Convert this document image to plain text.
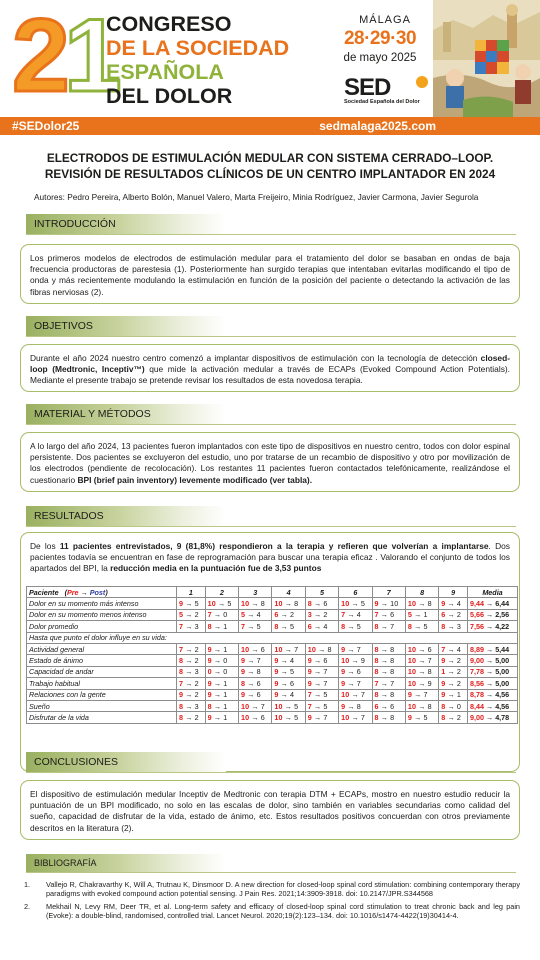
21
CONGRESO
DE LA SOCIEDAD
ESPAÑOLA
DEL DOLOR
MÁLAGA
28·29·30
de mayo 2025
SED
Sociedad Española del Dolor
#SEDolor25	sedmalaga2025.com
ELECTRODOS DE ESTIMULACIÓN MEDULAR CON SISTEMA CERRADO–LOOP.
REVISIÓN DE RESULTADOS CLÍNICOS DE UN CENTRO IMPLANTADOR EN 2024
Autores: Pedro Pereira, Alberto Bolón, Manuel Valero, Marta Freijeiro, Minia Rodríguez, Javier Carmona, Javier Segurola
INTRODUCCIÓN
Los primeros modelos de electrodos de estimulación medular para el tratamiento del dolor se basaban en ondas de baja frecuencia productoras de parestesia (1). Posteriormente han surgido terapias que intentaban evitarlas modificando el tipo de onda y más recientemente modulando la estimulación en función de la posición del paciente o detectando la activación de las fibras nerviosas (2).
OBJETIVOS
Durante el año 2024 nuestro centro comenzó a implantar dispositivos de estimulación con la tecnología de detección closed-loop (Medtronic, Inceptiv™) que mide la activación medular a través de ECAPs (Evoked Compound Action Potentials). Mediante el presente trabajo se pretende revisar los resultados de esta novedosa terapia.
MATERIAL Y MÉTODOS
A lo largo del año 2024, 13 pacientes fueron implantados con este tipo de dispositivos en nuestro centro, todos con dolor espinal persistente. Dos pacientes se excluyeron del estudio, uno por tratarse de un recambio de dispositivo y otro por movilización de los electrodos (pendiente de recolocación). Los restantes 11 pacientes fueron contactados telefónicamente, realizándose el cuestionario BPI (brief pain inventory) levemente modificado (ver tabla).
RESULTADOS
De los 11 pacientes entrevistados, 9 (81,8%) respondieron a la terapia y refieren que volverían a implantarse. Dos pacientes todavía se encuentran en fase de reprogramación para buscar una terapia eficaz . Valorando el conjunto de todos los apartados del BPI, la reducción media en la puntuación fue de 3,53 puntos
Paciente   (Pre → Post)	1	2	3	4	5	6	7	8	9	Media
Dolor en su momento más intenso	9 → 5	10 → 5	10 → 8	10 → 8	8 → 6	10 → 5	9 → 10	10 → 8	9 → 4	9,44 → 6,44
Dolor en su momento menos intenso	5 → 2	7 → 0	5 → 4	6 → 2	3 → 2	7 → 4	7 → 6	5 → 1	6 → 2	5,66 → 2,56
Dolor promedio	7 → 3	8 → 1	7 → 5	8 → 5	6 → 4	8 → 5	8 → 7	8 → 5	8 → 3	7,56 → 4,22
Hasta que punto el dolor influye en su vida:										
Actividad general	7 → 2	9 → 1	10 → 6	10 → 7	10 → 8	9 → 7	8 → 8	10 → 6	7 → 4	8,89 → 5,44
Estado de ánimo	8 → 2	9 → 0	9 → 7	9 → 4	9 → 6	10 → 9	8 → 8	10 → 7	9 → 2	9,00 → 5,00
Capacidad de andar	8 → 3	0 → 0	9 → 8	9 → 5	9 → 7	9 → 6	8 → 8	10 → 8	1 → 2	7,78 → 5,00
Trabajo habitual	7 → 2	9 → 1	8 → 6	9 → 6	9 → 7	9 → 7	7 → 7	10 → 9	9 → 2	8,56 → 5,00
Relaciones con la gente	9 → 2	9 → 1	9 → 6	9 → 4	7 → 5	10 → 7	8 → 8	9 → 7	9 → 1	8,78 → 4,56
Sueño	8 → 3	8 → 1	10 → 7	10 → 5	7 → 5	9 → 8	6 → 6	10 → 8	8 → 0	8,44 → 4,56
Disfrutar de la vida	8 → 2	9 → 1	10 → 6	10 → 5	9 → 7	10 → 7	8 → 8	9 → 5	8 → 2	9,00 → 4,78
CONCLUSIONES
El dispositivo de estimulación medular Inceptiv de Medtronic con terapia DTM + ECAPs, mostro en nuestro estudio reducir la puntuación de un BPI modificado, no solo en las escalas de dolor, sino también en variables secundarias como calidad del sueño, capacidad de disfrutar de la vida, estado de ánimo, etc. Estos resultados positivos concuerdan con otros previamente descritos en la literatura (2).
BIBLIOGRAFÍA
1. Vallejo R, Chakravarthy K, Will A, Trutnau K, Dinsmoor D. A new direction for closed-loop spinal cord stimulation: combining contemporary therapy paradigms with evoked compound action potential sensing. J Pain Res. 2021;14:3909-3918. doi: 10.2147/JPR.S344568
2. Mekhail N, Levy RM, Deer TR, et al. Long-term safety and efficacy of closed-loop spinal cord stimulation to treat chronic back and leg pain (Evoke): a double-blind, randomised, controlled trial. Lancet Neurol. 2020;19(2):123–134. doi: 10.1016/s1474-4422(19)30414-4.
